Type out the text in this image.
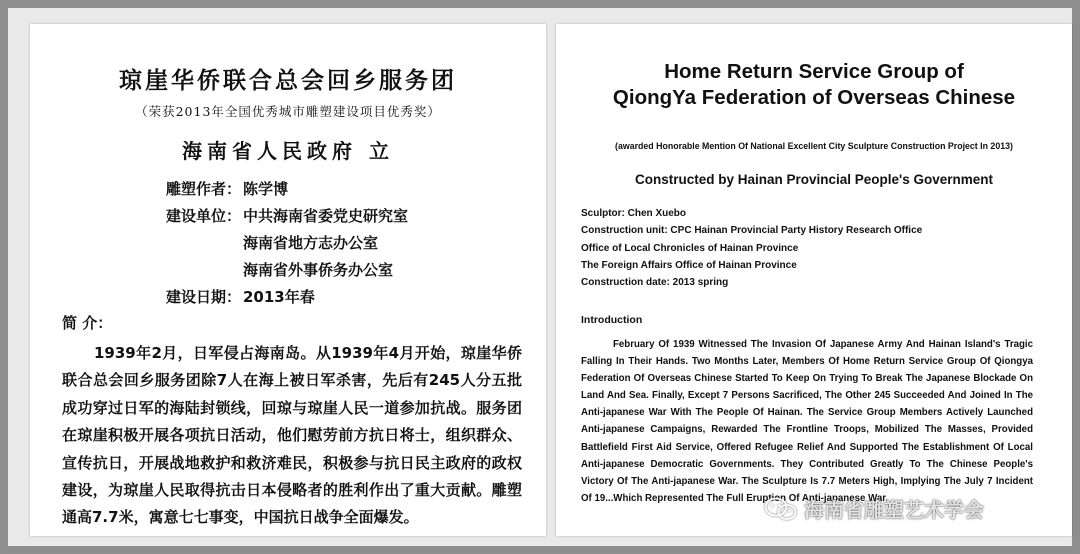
琼崖华侨联合总会回乡服务团
（荣获2013年全国优秀城市雕塑建设项目优秀奖）
海南省人民政府 立
雕塑作者： 陈学博
建设单位： 中共海南省委党史研究室
海南省地方志办公室
海南省外事侨务办公室
建设日期： 2013年春
简 介：

1939年2月，日军侵占海南岛。从1939年4月开始，琼崖华侨联合总会回乡服务团除7人在海上被日军杀害，先后有245人分五批成功穿过日军的海陆封锁线，回琼与琼崖人民一道参加抗战。服务团在琼崖积极开展各项抗日活动，他们慰劳前方抗日将士，组织群众、宣传抗日，开展战地救护和救济难民，积极参与抗日民主政府的政权建设，为琼崖人民取得抗击日本侵略者的胜利作出了重大贡献。雕塑通高7.7米，寓意七七事变，中国抗日战争全面爆发。

Home Return Service Group of
QiongYa Federation of Overseas Chinese
(awarded Honorable Mention Of National Excellent City Sculpture Construction Project In 2013)
Constructed by Hainan Provincial People's Government
Sculptor: Chen Xuebo
Construction unit: CPC Hainan Provincial Party History Research Office
Office of Local Chronicles of Hainan Province
The Foreign Affairs Office of Hainan Province
Construction date: 2013 spring
Introduction

February Of 1939 Witnessed The Invasion Of Japanese Army And Hainan Island's Tragic Falling In Their Hands. Two Months Later, Members Of Home Return Service Group Of Qiongya Federation Of Overseas Chinese Started To Keep On Trying To Break The Japanese Blockade On Land And Sea. Finally, Except 7 Persons Sacrificed, The Other 245 Succeeded And Joined In The Anti-japanese War With The People Of Hainan. The Service Group Members Actively Launched Anti-japanese Campaigns, Rewarded The Frontline Troops, Mobilized The Masses, Provided Battlefield First Aid Service, Offered Refugee Relief And Supported The Establishment Of Local Anti-japanese Democratic Governments. They Contributed Greatly To The Chinese People's Victory Of The Anti-japanese War. The Sculpture Is 7.7 Meters High, Implying The July 7 Incident Of 19...Which Represented The Full Eruption Of Anti-japanese War.

海南省雕塑艺术学会
